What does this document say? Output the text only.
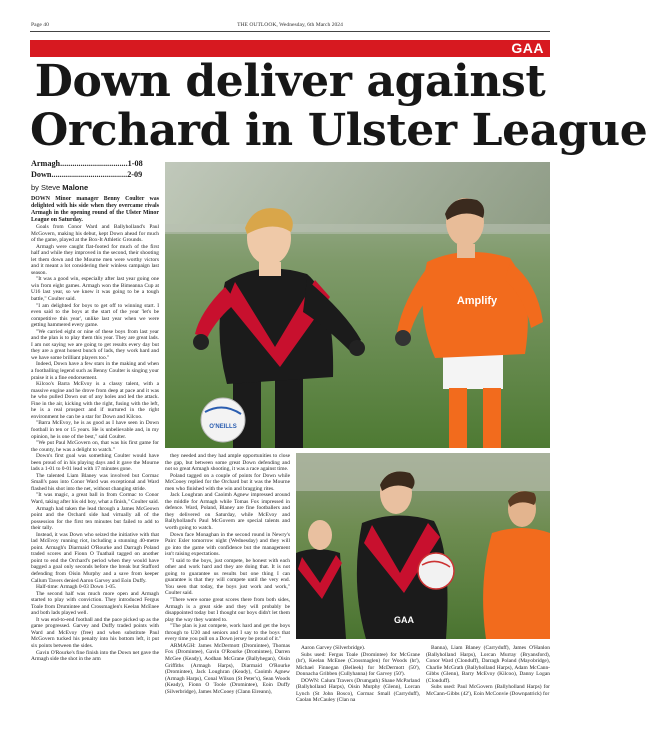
Page 40	THE OUTLOOK, Wednesday, 6th March 2024
GAA
Down deliver against
Orchard in Ulster League
Armagh.................................1-08
Down.....................................2-09
by Steve Malone

DOWN Minor manager Benny Coulter was delighted with his side when they overcame rivals Armagh in the opening round of the Ulster Minor League on Saturday.

Goals from Conor Ward and Ballyholland's Paul McGovern, making his debut, kept Down ahead for much of the game, played at the Box-It Athletic Grounds.

Armagh were caught flat-footed for much of the first half and while they improved in the second, their shooting let them down and the Mourne men were worthy victors and it meant a lot considering their winless campaign last season.

"It was a good win, especially after last year going one win from eight games. Armagh won the Bimeanna Cup at U16 last year, so we knew it was going to be a tough battle," Coulter said.

"I am delighted for boys to get off to winning start. I even said to the boys at the start of the year 'let's be competitive this year', unlike last year when we were getting hammered every game.

"We carried eight or nine of these boys from last year and the plan is to play them this year. They are great lads. I am not saying we are going to get results every day but they are a great honest bunch of lads, they work hard and we have some brilliant players too."

Indeed, Down have a few stars in the making and when a footballing legend such as Benny Coulter is singing your praise it is a fine endorsement.

Kilcoo's Barra McEvoy is a classy talent, with a massive engine and he drove from deep at pace and it was he who pulled Down out of any holes and led the attack. Fine in the air, kicking with the right, fusing with the left, he is a real prospect and if nurtured in the right environment he can be a star for Down and Kilcoo.

"Barra McEvoy, he is as good as I have seen in Down football in ten or 15 years. He is unbelievable and, in my opinion, he is one of the best," said Coulter.

"We put Paul McGovern on, that was his first game for the county, he was a delight to watch."

Down's first goal was something Coulter would have been proud of in his playing days and it gave the Mourne lads a 1-01 to 0-01 lead with 17 minutes gone.

The talented Liam Blaney was involved but Cormac Small's pass into Conor Ward was exceptional and Ward flashed his shot into the net, without changing stride.

"It was magic, a great ball in from Cormac to Conor Ward, taking after his old boy, what a finish," Coulter said.

Armagh had taken the lead through a James McGeown point and the Orchard side had virtually all of the possession for the first ten minutes but failed to add to their tally.

Instead, it was Down who seized the initiative with that lad McEvoy running riot, including a stunning 40-metre point. Armagh's Diarmaid O'Rourke and Darragh Poland traded scores and Fionn O Tuathail tagged on another point to end the Orchard's period when they would have bagged a goal only seconds before the break but Stafford defending from Oisin Murphy and a save from keeper Callum Tavers denied Aaron Garvey and Eoin Duffy.

Half-time: Armagh 0-03 Down 1-05.

The second half was much more open and Armagh started to play with conviction. They introduced Fergus Toale from Drumintee and Crossmaglen's Keelan McEnee and both lads played well.

It was end-to-end football and the pace picked up as the game progressed. Garvey and Duffy traded points with Ward and McEvoy (free) and when substitute Paul McGovern tucked his penalty into his bottom left, it put six points between the sides.

Gavin O'Rourke's fine finish into the Down net gave the Armagh side the shot in the arm

O'NEILLS
Amplify

they needed and they had ample opportunities to close the gap, but between some great Down defending and not so great Armagh shooting, it was a race against time.

Poland tagged on a couple of points for Down while McCooey replied for the Orchard but it was the Mourne men who finished with the win and bragging rites.

Jack Loughran and Caoimh Agnew impressed around the middle for Armagh while Tomas Fox impressed in defence. Ward, Poland, Blaney are fine footballers and they delivered on Saturday, while McEvoy and Ballyholland's Paul McGovern are special talents and worth going to watch.

Down face Monaghan in the second round in Newry's Pairc Esler tomorrow night (Wednesday) and they will go into the game with confidence but the management isn't raising expectations.

"I said to the boys, just compete, be honest with each other and work hard and they are doing that. It is not going to guarantee us results but one thing I can guarantee is that they will compete until the very end. You seen that today, the boys just work and work," Coulter said.

"There were some great scores there from both sides, Armagh is a great side and they will probably be disappointed today but I thought our boys didn't let them play the way they wanted to.

"The plan is just compete, work hard and get the boys through to U20 and seniors and I say to the boys that every time you pull on a Down jersey be proud of it."

ARMAGH: James McDermott (Dromintee), Thomas Fox (Dromintee), Gavin O'Rourke (Dromintee), Darren McGee (Keady), Aodhan McGrane (Ballyhegan), Oisin Griffiths (Armagh Harps), Diarmaid O'Rourke (Dromintee), Jack Loughran (Keady), Caoimh Agnew (Armagh Harps), Conal Wilson (St Peter's), Sean Woods (Keady), Fionn O Toole (Dromintee), Eoin Duffy (Silverbridge), James McCooey (Clann Eireann),

GAA

Aaron Garvey (Silverbridge).

Subs used: Fergus Toale (Dromintee) for McGrane (ht'), Keelan McEnee (Crossmaglen) for Woods (ht'), Michael Finnegan (Belleek) for McDermott (50'), Donnacha Gribben (Cullyhanna) for Garvey (50').

DOWN: Calum Travers (Drumgath) Shane McParland (Ballyholland Harps), Oisin Murphy (Glenn), Lorcan Lynch (St John Bosco), Cormac Small (Carryduff), Caolan McCauley (Clan na

Banna), Liam Blaney (Carryduff), James O'Hanlon (Ballyholland Harps), Lorcan Murray (Bryansford), Conor Ward (Clonduff), Darragh Poland (Mayobridge), Charlie McGrath (Ballyholland Harps), Adam McCann-Gibbs (Glenn), Barry McEvoy (Kilcoo), Danny Logan (Clonduff).

Subs used: Paul McGovern (Ballyholland Harps) for McCann-Gibbs (42'), Eoin McConvie (Downpatrick) for
